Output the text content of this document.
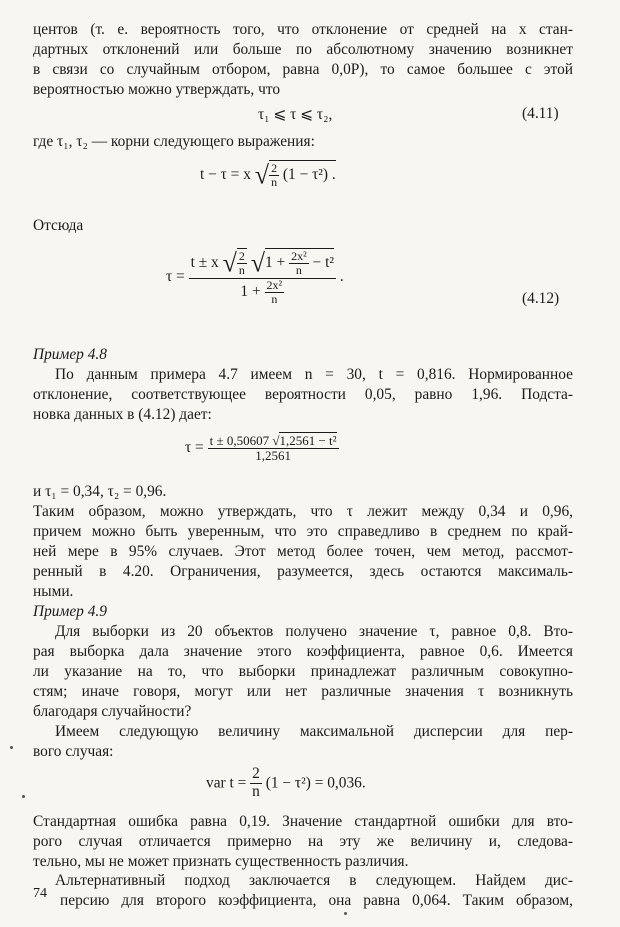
центов (т. е. вероятность того, что отклонение от средней на x стан-
дартных отклонений или больше по абсолютному значению возникнет
в связи со случайным отбором, равна 0,0P), то самое большее с этой
вероятностью можно утверждать, что
τ₁ ⩽ τ ⩽ τ₂,	(4.11)
где τ₁, τ₂ — корни следующего выражения:
t − τ = x √ $\frac{2}{n} (1 - \tau^2)$ .
Отсюда
τ =
t ± x √ $\frac{2}{n} √1 + \frac{\text{2x²}}{n} - t^2$
$1 + \frac{\text{2x²}}{n}$
.
(4.12)
Пример 4.8
По данным примера 4.7 имеем n = 30, t = 0,816. Нормированное
отклонение, соответствующее вероятности 0,05, равно 1,96. Подста-
новка данных в (4.12) дает:
$\tau = \frac{\text{t ± 0,50607 √1,2561 − t²}}{1,2561}$
и τ₁ = 0,34, τ₂ = 0,96.
Таким образом, можно утверждать, что τ лежит между 0,34 и 0,96,
причем можно быть уверенным, что это справедливо в среднем по край-
ней мере в 95% случаев. Этот метод более точен, чем метод, рассмот-
ренный в 4.20. Ограничения, разумеется, здесь остаются максималь-
ными.
Пример 4.9
Для выборки из 20 объектов получено значение τ, равное 0,8. Вто-
рая выборка дала значение этого коэффициента, равное 0,6. Имеется
ли указание на то, что выборки принадлежат различным совокупно-
стям; иначе говоря, могут или нет различные значения τ возникнуть
благодаря случайности?
Имеем следующую величину максимальной дисперсии для пер-
вого случая:
var $t = \frac{2}{n} (1 - \tau^2) = 0,036$.
Стандартная ошибка равна 0,19. Значение стандартной ошибки для вто-
рого случая отличается примерно на эту же величину и, следова-
тельно, мы не может признать существенность различия.
Альтернативный подход заключается в следующем. Найдем дис-
персию для второго коэффициента, она равна 0,064. Таким образом,
74
